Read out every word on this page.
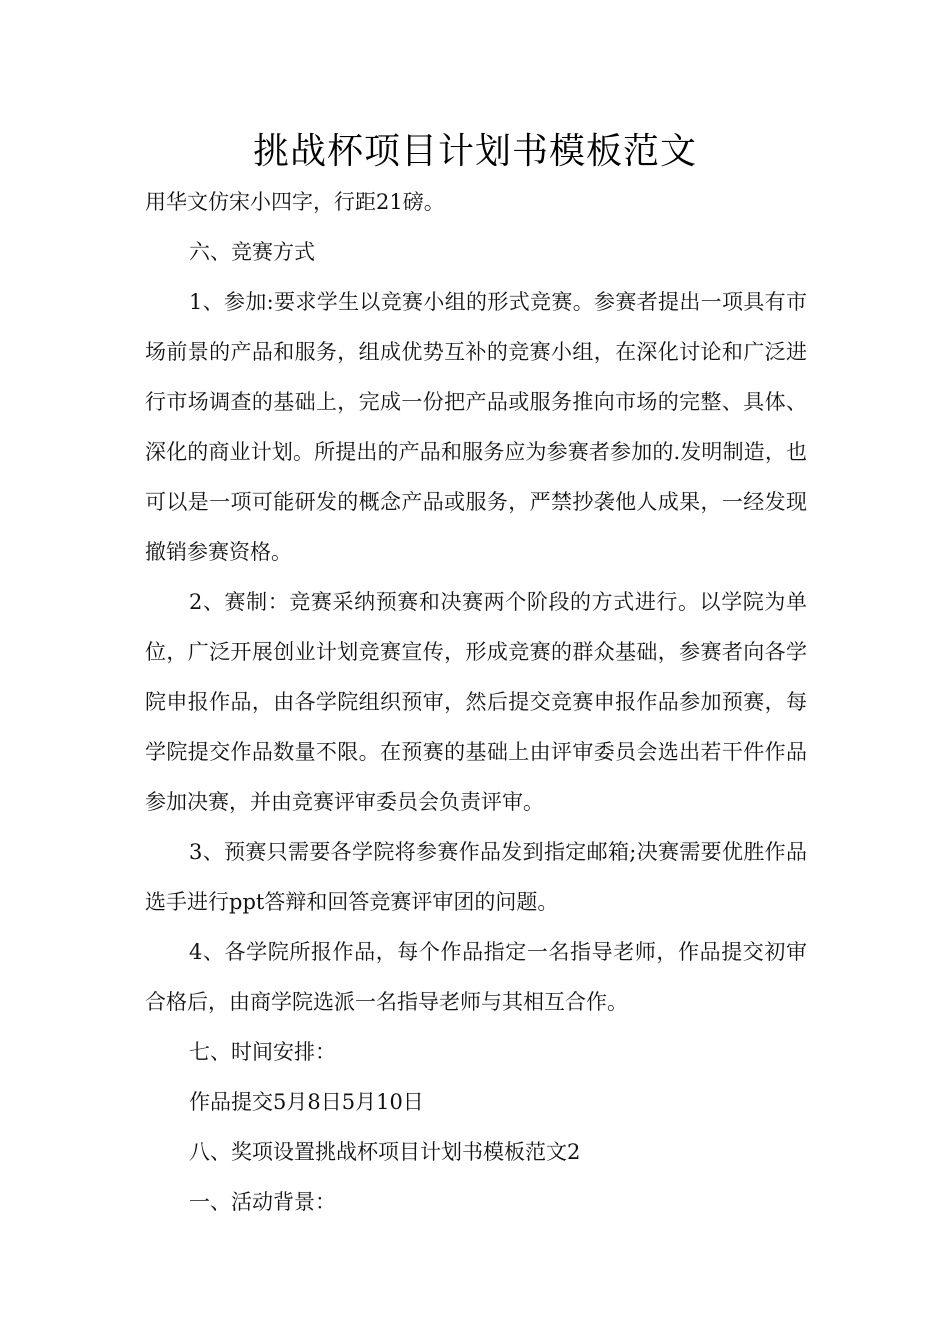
挑战杯项目计划书模板范文

用华文仿宋小四字，行距21磅。

六、竞赛方式

1、参加:要求学生以竞赛小组的形式竞赛。参赛者提出一项具有市场前景的产品和服务，组成优势互补的竞赛小组，在深化讨论和广泛进行市场调查的基础上，完成一份把产品或服务推向市场的完整、具体、深化的商业计划。所提出的产品和服务应为参赛者参加的.发明制造，也可以是一项可能研发的概念产品或服务，严禁抄袭他人成果，一经发现撤销参赛资格。

2、赛制：竞赛采纳预赛和决赛两个阶段的方式进行。以学院为单位，广泛开展创业计划竞赛宣传，形成竞赛的群众基础，参赛者向各学院申报作品，由各学院组织预审，然后提交竞赛申报作品参加预赛，每学院提交作品数量不限。在预赛的基础上由评审委员会选出若干件作品参加决赛，并由竞赛评审委员会负责评审。

3、预赛只需要各学院将参赛作品发到指定邮箱;决赛需要优胜作品选手进行ppt答辩和回答竞赛评审团的问题。

4、各学院所报作品，每个作品指定一名指导老师，作品提交初审合格后，由商学院选派一名指导老师与其相互合作。

七、时间安排：

作品提交5月8日5月10日

八、奖项设置挑战杯项目计划书模板范文2

一、活动背景：
